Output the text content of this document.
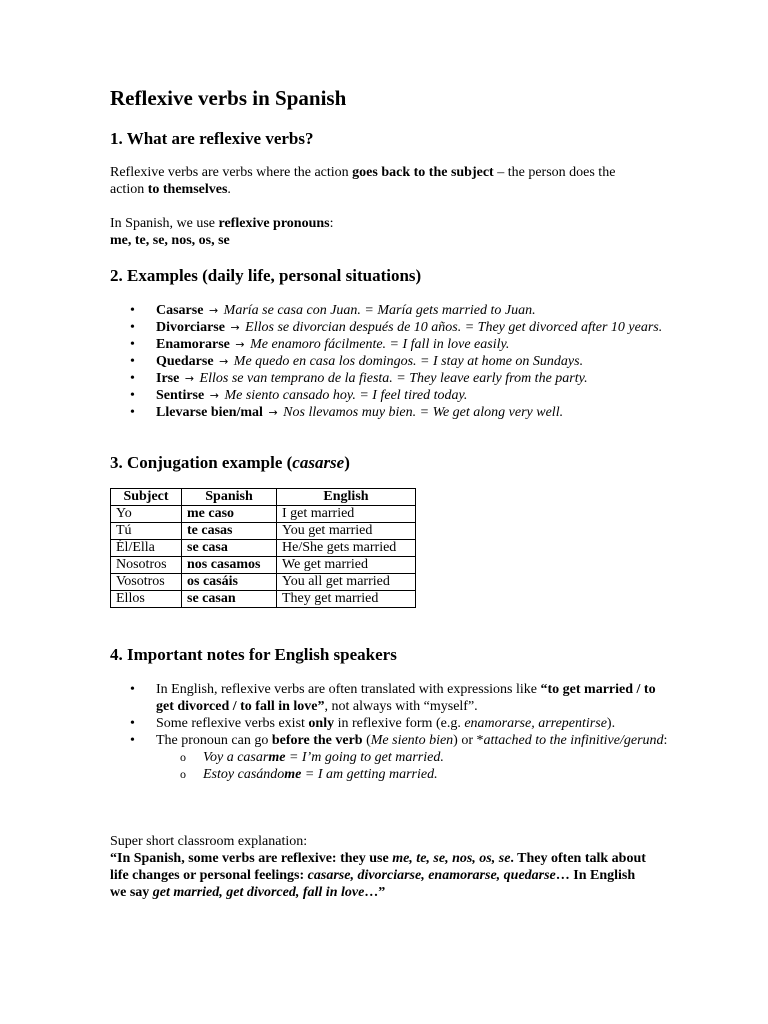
Reflexive verbs in Spanish
1. What are reflexive verbs?

Reflexive verbs are verbs where the action goes back to the subject – the person does the action to themselves.

In Spanish, we use reflexive pronouns:
me, te, se, nos, os, se

2. Examples (daily life, personal situations)
• Casarse → María se casa con Juan. = María gets married to Juan.
• Divorciarse → Ellos se divorcian después de 10 años. = They get divorced after 10 years.
• Enamorarse → Me enamoro fácilmente. = I fall in love easily.
• Quedarse → Me quedo en casa los domingos. = I stay at home on Sundays.
• Irse → Ellos se van temprano de la fiesta. = They leave early from the party.
• Sentirse → Me siento cansado hoy. = I feel tired today.
• Llevarse bien/mal → Nos llevamos muy bien. = We get along very well.
3. Conjugation example (casarse)
Subject	Spanish	English
Yo	me caso	I get married
Tú	te casas	You get married
Él/Ella	se casa	He/She gets married
Nosotros	nos casamos	We get married
Vosotros	os casáis	You all get married
Ellos	se casan	They get married
4. Important notes for English speakers
• In English, reflexive verbs are often translated with expressions like “to get married / to get divorced / to fall in love”, not always with “myself”.
• Some reflexive verbs exist only in reflexive form (e.g. enamorarse, arrepentirse).
• The pronoun can go before the verb (Me siento bien) or *attached to the infinitive/gerund:
o Voy a casarme = I’m going to get married.
o Estoy casándome = I am getting married.

Super short classroom explanation:
“In Spanish, some verbs are reflexive: they use me, te, se, nos, os, se. They often talk about life changes or personal feelings: casarse, divorciarse, enamorarse, quedarse… In English we say get married, get divorced, fall in love…”
